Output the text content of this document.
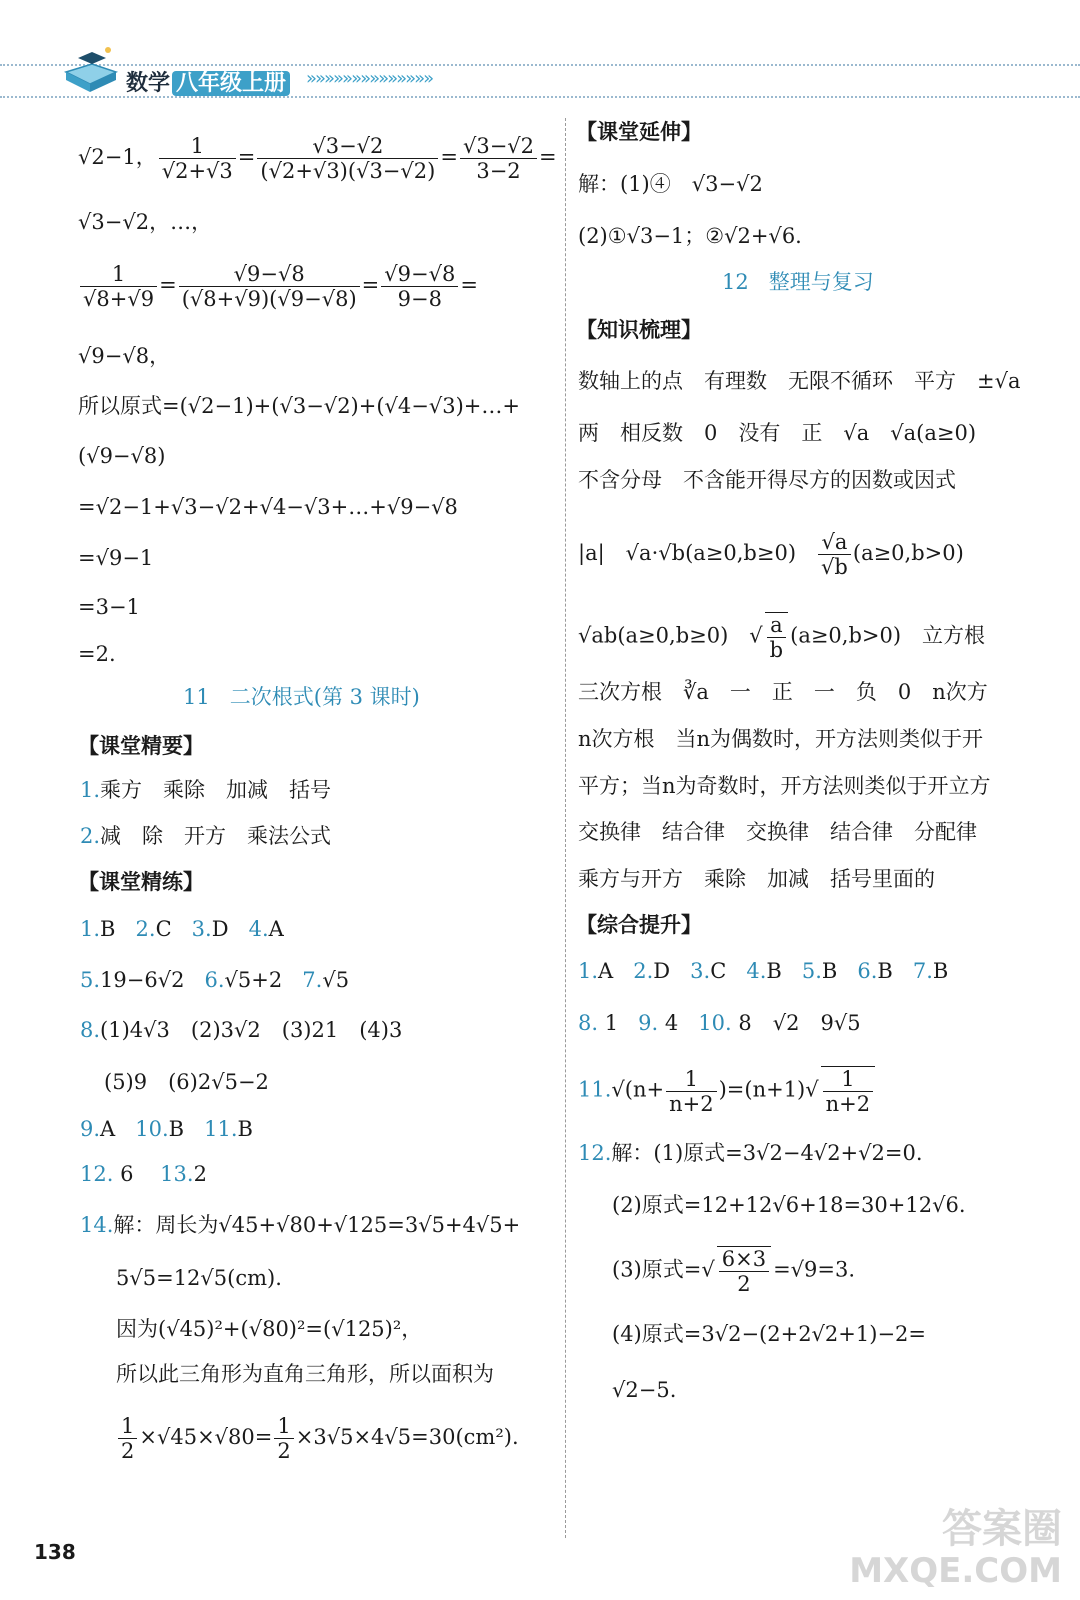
数学 八年级上册 »»»»»»»»»»»»»»
√2−1， $\frac{1}{√2+√3} = \frac{√3-√2}{(√2+√3)(√3-√2)} = \frac{√3-√2}{3-2}$ =
√3−√2，…，
$\frac{1}{√8+√9} = \frac{√9-√8}{(√8+√9)(√9-√8)} = \frac{√9-√8}{9-8}$ =
√9−√8，
所以原式=(√2−1)+(√3−√2)+(√4−√3)+…+
(√9−√8)
=√2−1+√3−√2+√4−√3+…+√9−√8
=√9−1
=3−1
=2.
11 二次根式(第 3 课时)
【课堂精要】
1.乘方　乘除　加减　括号
2.减　除　开方　乘法公式
【课堂精练】
1.B 2.C 3.D 4.A
5.19−6√2 6.√5+2 7.√5
8.(1)4√3　(2)3√2　(3)21　(4)3
(5)9　(6)2√5−2
9.A 10.B 11.B
12. 6 13.2
14.解：周长为√45+√80+√125=3√5+4√5+
5√5=12√5(cm).
因为(√45)²+(√80)²=(√125)²，
所以此三角形为直角三角形，所以面积为
$\frac{1}{2} \times√45\times√80= \frac{1}{2} \times 3√5\times 4√5=30(cm^2)$.
【课堂延伸】
解：(1)④　√3−√2
(2)①√3−1；②√2+√6.
12 整理与复习
【知识梳理】
数轴上的点　有理数　无限不循环　平方　±√a
两　相反数　0　没有　正　√a　√a(a≥0)
不含分母　不含能开得尽方的因数或因式
|a|　$√a\cdot√b(a\ge 0,b\ge 0) \frac{√a}{√b} (a\ge 0,b>0)$
√ab(a≥0,b≥0)　√ $\frac{a}{b} (a\ge 0,b>0)$　立方根
三次方根　∛a　一　正　一　负　0　n次方
n次方根　当n为偶数时，开方法则类似于开
平方；当n为奇数时，开方法则类似于开立方
交换律　结合律　交换律　结合律　分配律
乘方与开方　乘除　加减　括号里面的
【综合提升】
1.A 2.D 3.C 4.B 5.B 6.B 7.B
8. 1 9. 4 10. 8　√2　9√5
$11.√(n+ \frac{1}{n+2} )=(n+1)√ \frac{1}{n+2}$
12.解：(1)原式=3√2−4√2+√2=0.
(2)原式=12+12√6+18=30+12√6.
(3)原式=√ $\frac{6\times 3}{2} =√9=3$.
(4)原式=3√2−(2+2√2+1)−2=
√2−5.
138	答案圈
MXQE.COM
